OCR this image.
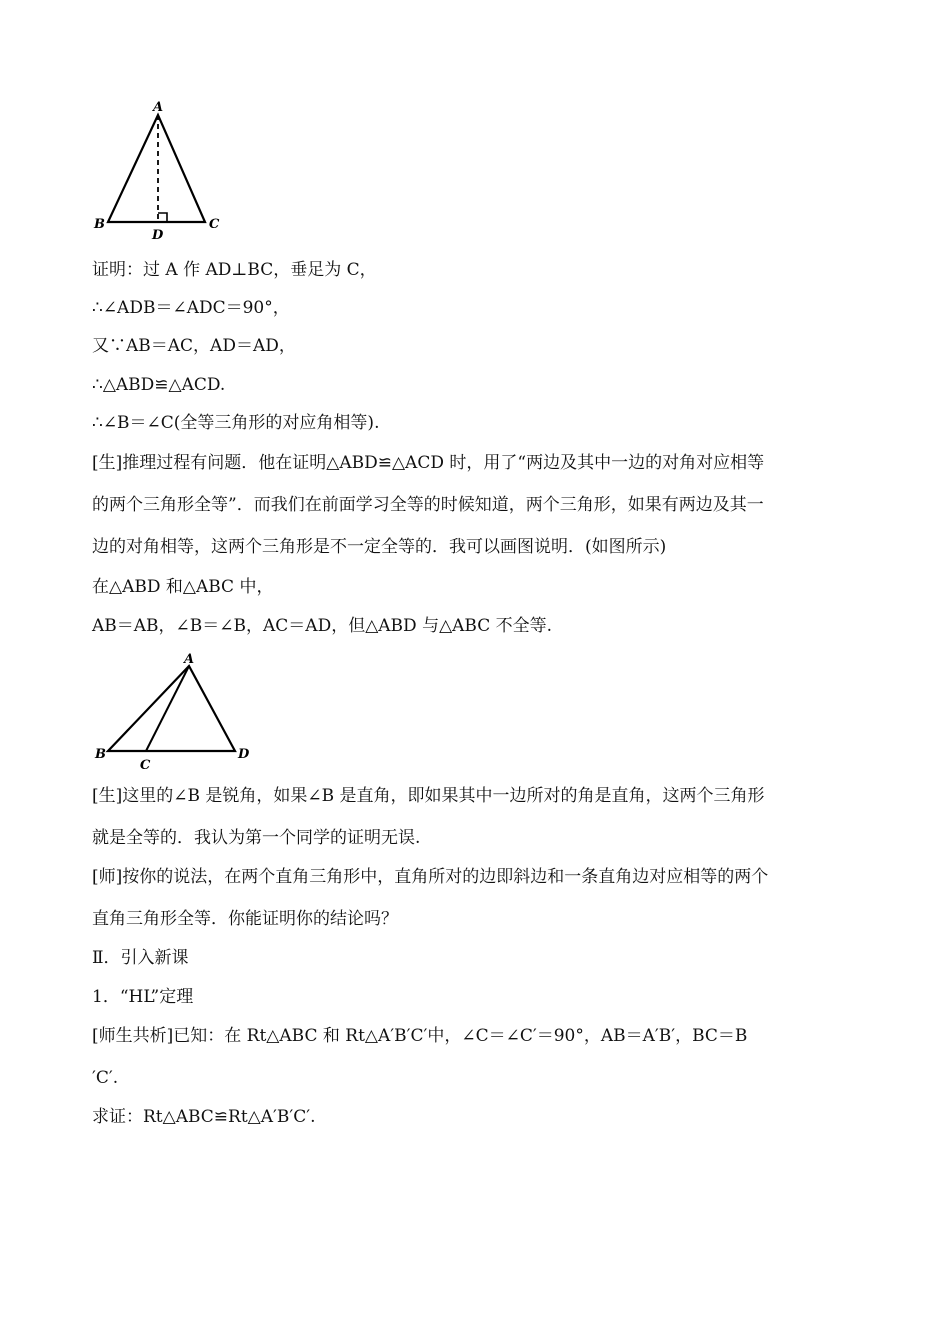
A
B	C
D
A
B
C
D
证明：过 A 作 AD⊥BC，垂足为 C，
∴∠ADB＝∠ADC＝90°，
又∵AB＝AC，AD＝AD，
∴△ABD≌△ACD.
∴∠B＝∠C(全等三角形的对应角相等).
[生]推理过程有问题．他在证明△ABD≌△ACD 时，用了“两边及其中一边的对角对应相等
的两个三角形全等”．而我们在前面学习全等的时候知道，两个三角形，如果有两边及其一
边的对角相等，这两个三角形是不一定全等的．我可以画图说明．(如图所示)
在△ABD 和△ABC 中，
AB＝AB，∠B＝∠B，AC＝AD，但△ABD 与△ABC 不全等.
[生]这里的∠B 是锐角，如果∠B 是直角，即如果其中一边所对的角是直角，这两个三角形
就是全等的．我认为第一个同学的证明无误.
[师]按你的说法，在两个直角三角形中，直角所对的边即斜边和一条直角边对应相等的两个
直角三角形全等．你能证明你的结论吗？
Ⅱ．引入新课
1．“HL”定理
[师生共析]已知：在 Rt△ABC 和 Rt△A′B′C′中，∠C＝∠C′＝90°，AB＝A′B′，BC＝B
′C′.
求证：Rt△ABC≌Rt△A′B′C′.
